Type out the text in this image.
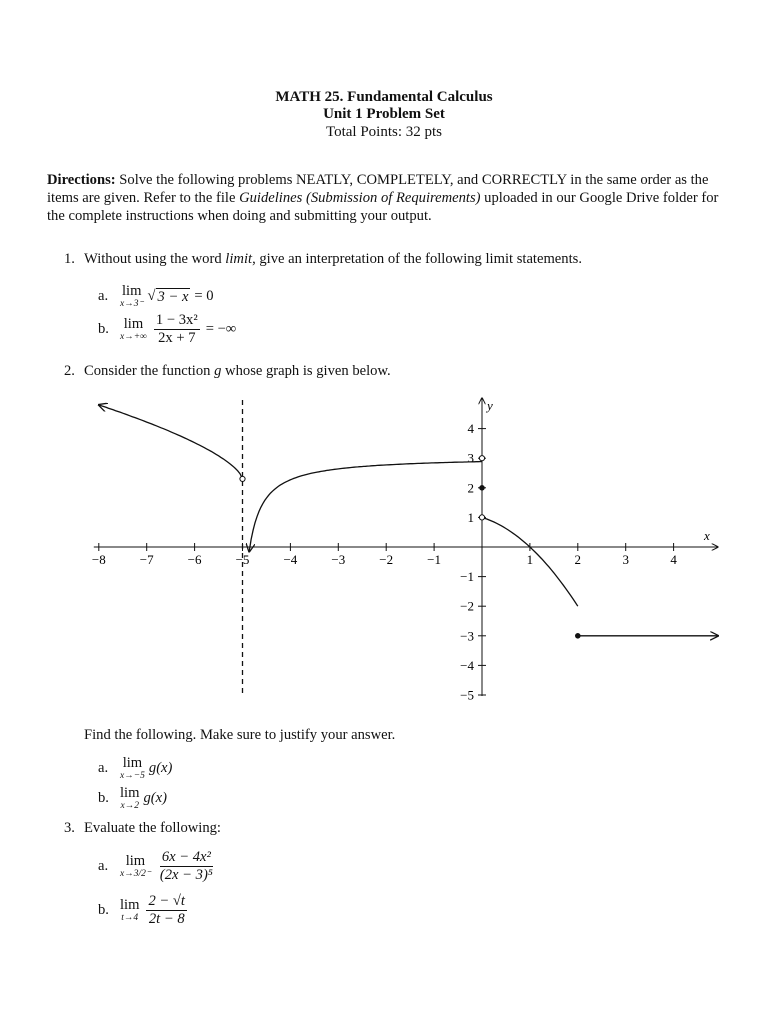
MATH 25. Fundamental Calculus
Unit 1 Problem Set
Total Points: 32 pts
Directions: Solve the following problems NEATLY, COMPLETELY, and CORRECTLY in the same order as the items are given. Refer to the file Guidelines (Submission of Requirements) uploaded in our Google Drive folder for the complete instructions when doing and submitting your output.
1. Without using the word limit, give an interpretation of the following limit statements.
a. lim
x→3⁻
√ 3 − x = 0
b.	lim
$x\to+\infty \frac{\text{1 − 3x²}}{2x + 7}$ = −∞
2. Consider the function g whose graph is given below.
−8	−7	−6	−5	−4	−3	−2	−1	1	2	3	4
−5
−4
−3
−2
−1
1
2
3
4
x
y
Find the following. Make sure to justify your answer.
a. lim
x→−5 g(x)
b. lim
x→2 g(x)
3. Evaluate the following:
a.	lim
$x\to 3/2^- \frac{\text{6x − 4x²}}{\text{(2x − 3)⁵}}$
b. lim
$t\to 4 \frac{2 - √t}{2t - 8}$
